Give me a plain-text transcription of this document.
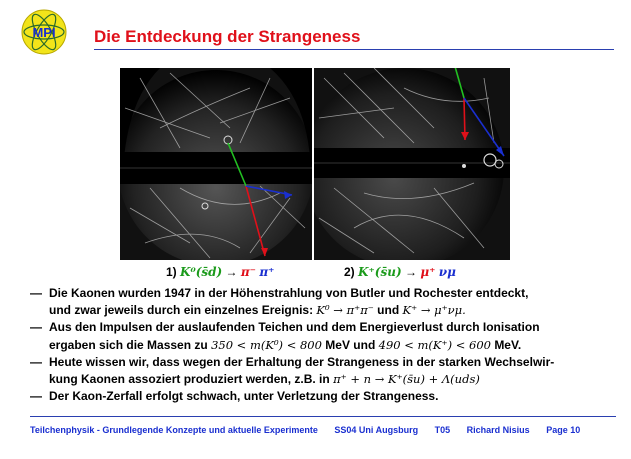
MPI Die Entdeckung der Strangeness
1) K⁰(s̄d) → π⁻ π⁺	2) K⁺(s̄u) → μ⁺ νμ
— Die Kaonen wurden 1947 in der Höhenstrahlung von Butler und Rochester entdeckt,
und zwar jeweils durch ein einzelnes Ereignis: K⁰ → π⁺π⁻ und K⁺ → μ⁺νμ.
— Aus den Impulsen der auslaufenden Teichen und dem Energieverlust durch Ionisation
ergaben sich die Massen zu 350 < m(K⁰) < 800 MeV und 490 < m(K⁺) < 600 MeV.
— Heute wissen wir, dass wegen der Erhaltung der Strangeness in der starken Wechselwir-
kung Kaonen assoziert produziert werden, z.B. in π⁺ + n → K⁺(s̄u) + Λ(uds)
— Der Kaon-Zerfall erfolgt schwach, unter Verletzung der Strangeness.
Teilchenphysik - Grundlegende Konzepte und aktuelle Experimente SS04 Uni Augsburg T05 Richard Nisius Page 10
